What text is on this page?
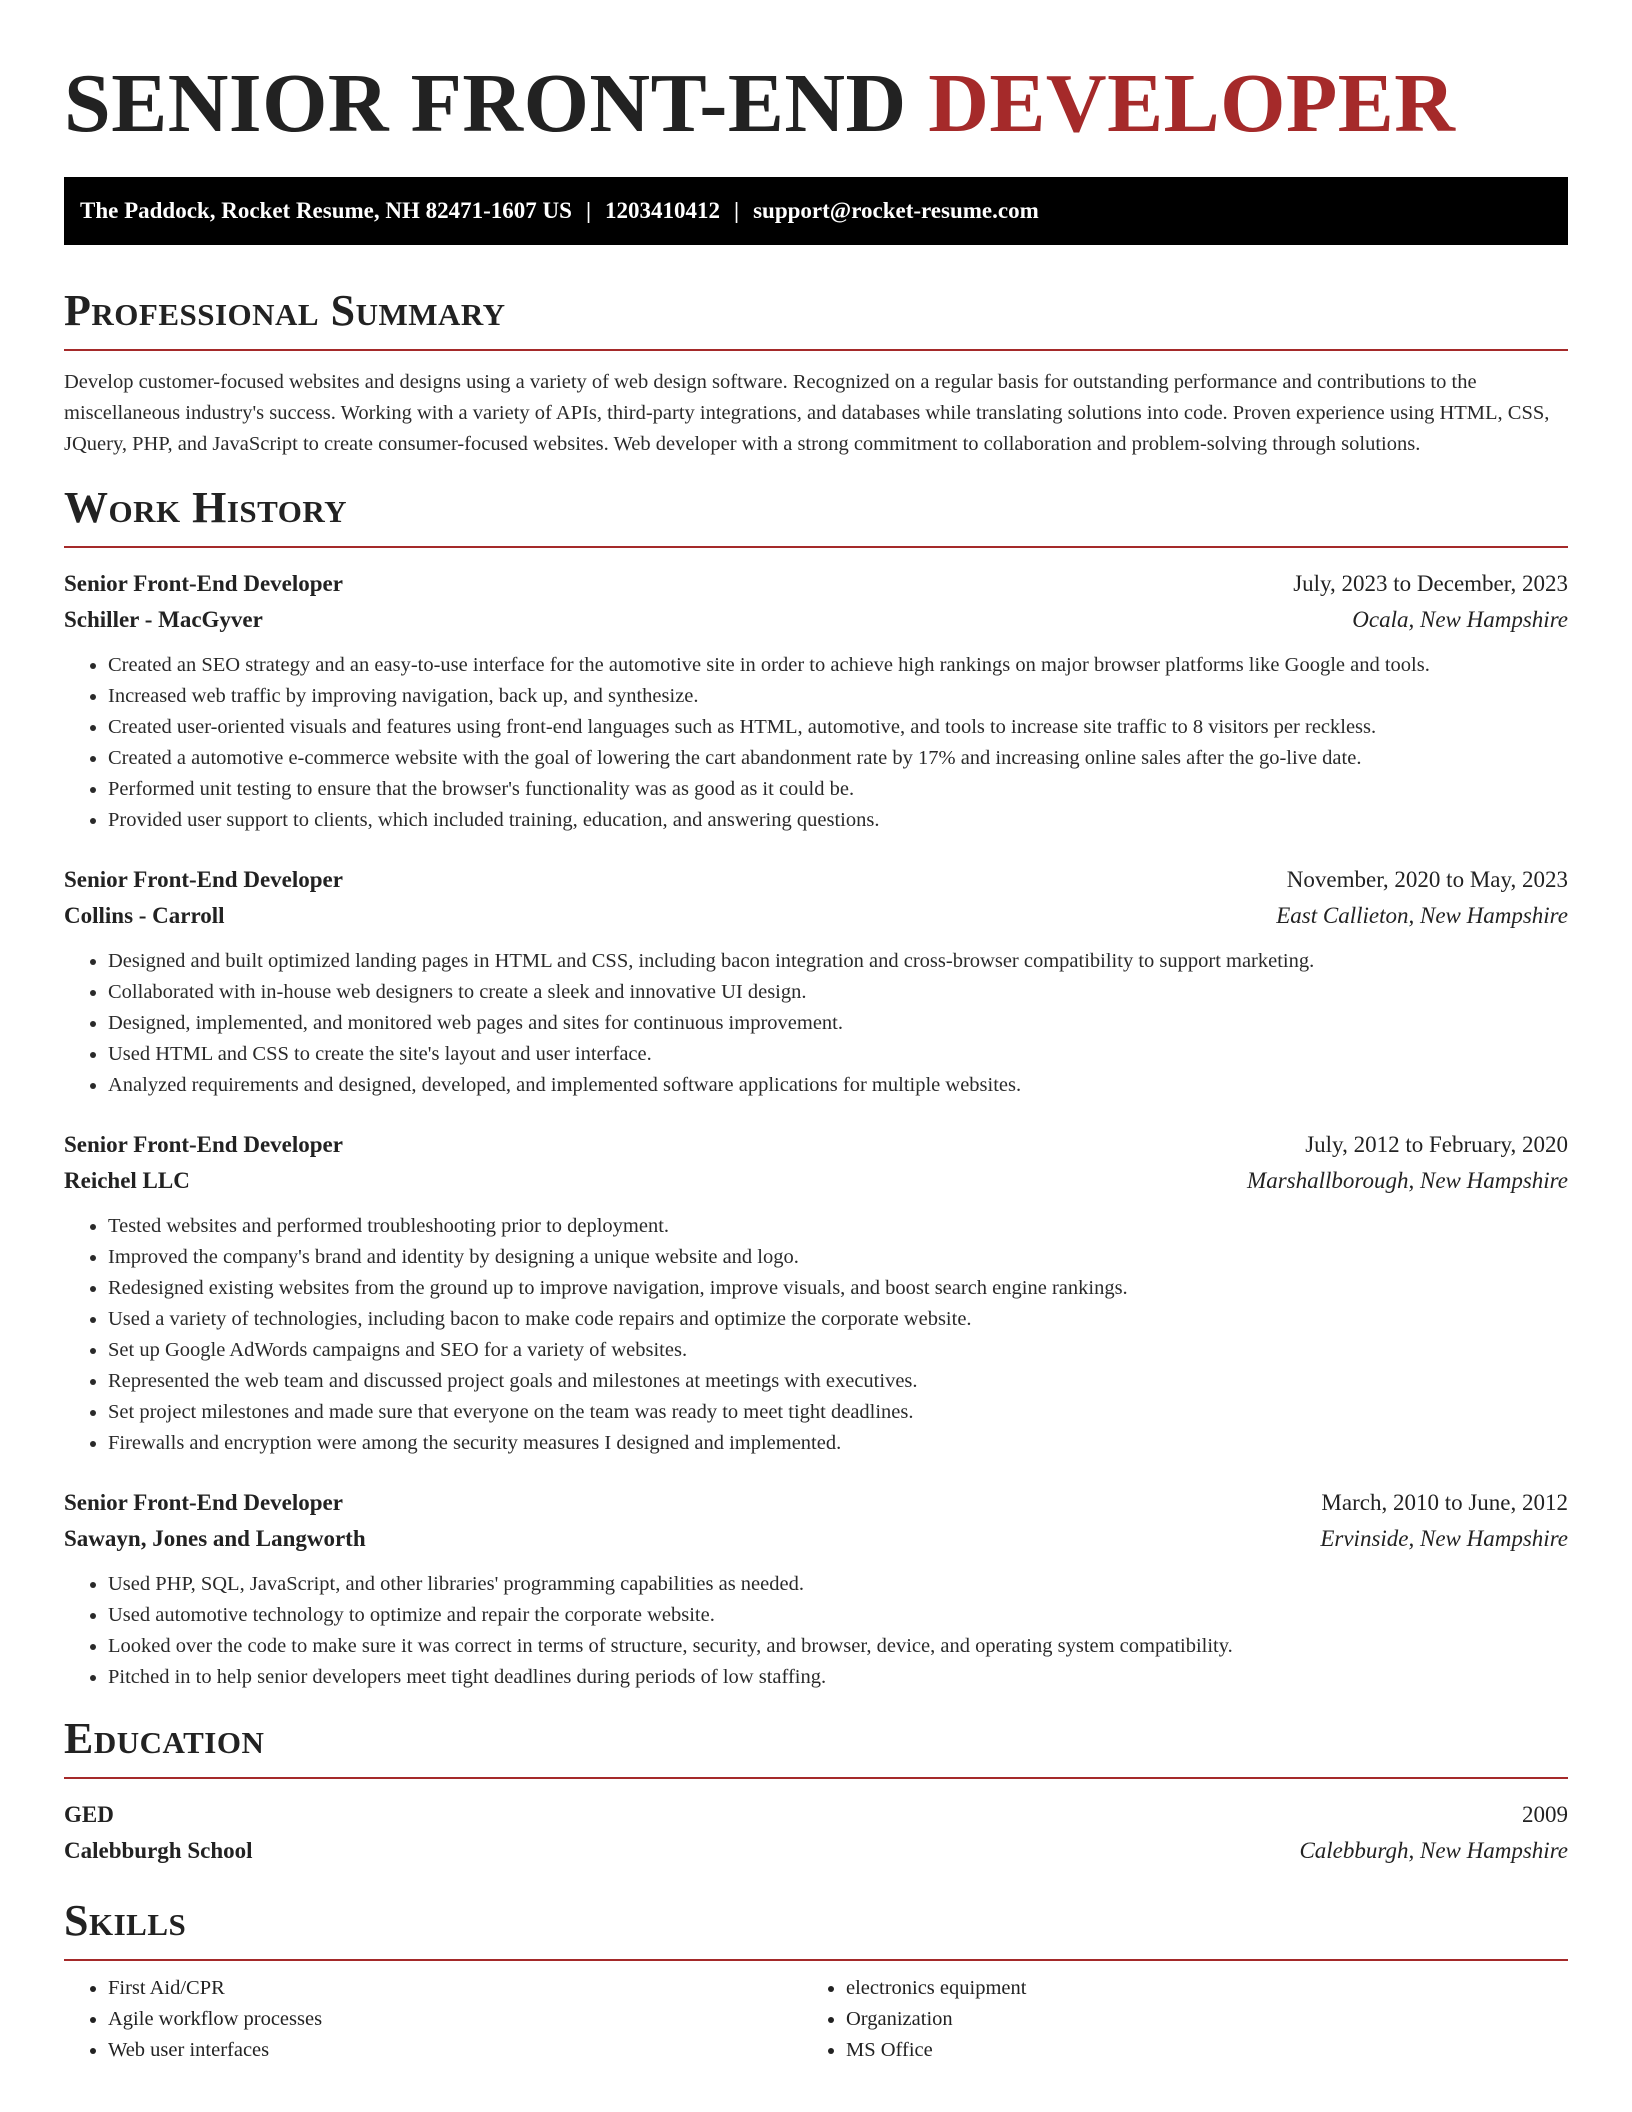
SENIOR FRONT-END DEVELOPER
The Paddock, Rocket Resume, NH 82471-1607 US | 1203410412 | support@rocket-resume.com
Professional Summary

Develop customer-focused websites and designs using a variety of web design software. Recognized on a regular basis for outstanding performance and contributions to the miscellaneous industry's success. Working with a variety of APIs, third-party integrations, and databases while translating solutions into code. Proven experience using HTML, CSS, JQuery, PHP, and JavaScript to create consumer-focused websites. Web developer with a strong commitment to collaboration and problem-solving through solutions.

Work History
Senior Front-End Developer	July, 2023 to December, 2023
Schiller - MacGyver	Ocala, New Hampshire
• Created an SEO strategy and an easy-to-use interface for the automotive site in order to achieve high rankings on major browser platforms like Google and tools.
• Increased web traffic by improving navigation, back up, and synthesize.
• Created user-oriented visuals and features using front-end languages such as HTML, automotive, and tools to increase site traffic to 8 visitors per reckless.
• Created a automotive e-commerce website with the goal of lowering the cart abandonment rate by 17% and increasing online sales after the go-live date.
• Performed unit testing to ensure that the browser's functionality was as good as it could be.
• Provided user support to clients, which included training, education, and answering questions.
Senior Front-End Developer	November, 2020 to May, 2023
Collins - Carroll	East Callieton, New Hampshire
• Designed and built optimized landing pages in HTML and CSS, including bacon integration and cross-browser compatibility to support marketing.
• Collaborated with in-house web designers to create a sleek and innovative UI design.
• Designed, implemented, and monitored web pages and sites for continuous improvement.
• Used HTML and CSS to create the site's layout and user interface.
• Analyzed requirements and designed, developed, and implemented software applications for multiple websites.
Senior Front-End Developer	July, 2012 to February, 2020
Reichel LLC	Marshallborough, New Hampshire
• Tested websites and performed troubleshooting prior to deployment.
• Improved the company's brand and identity by designing a unique website and logo.
• Redesigned existing websites from the ground up to improve navigation, improve visuals, and boost search engine rankings.
• Used a variety of technologies, including bacon to make code repairs and optimize the corporate website.
• Set up Google AdWords campaigns and SEO for a variety of websites.
• Represented the web team and discussed project goals and milestones at meetings with executives.
• Set project milestones and made sure that everyone on the team was ready to meet tight deadlines.
• Firewalls and encryption were among the security measures I designed and implemented.
Senior Front-End Developer	March, 2010 to June, 2012
Sawayn, Jones and Langworth	Ervinside, New Hampshire
• Used PHP, SQL, JavaScript, and other libraries' programming capabilities as needed.
• Used automotive technology to optimize and repair the corporate website.
• Looked over the code to make sure it was correct in terms of structure, security, and browser, device, and operating system compatibility.
• Pitched in to help senior developers meet tight deadlines during periods of low staffing.
Education
GED	2009
Calebburgh School	Calebburgh, New Hampshire
Skills
• First Aid/CPR
• Agile workflow processes
• Web user interfaces
• electronics equipment
• Organization
• MS Office
